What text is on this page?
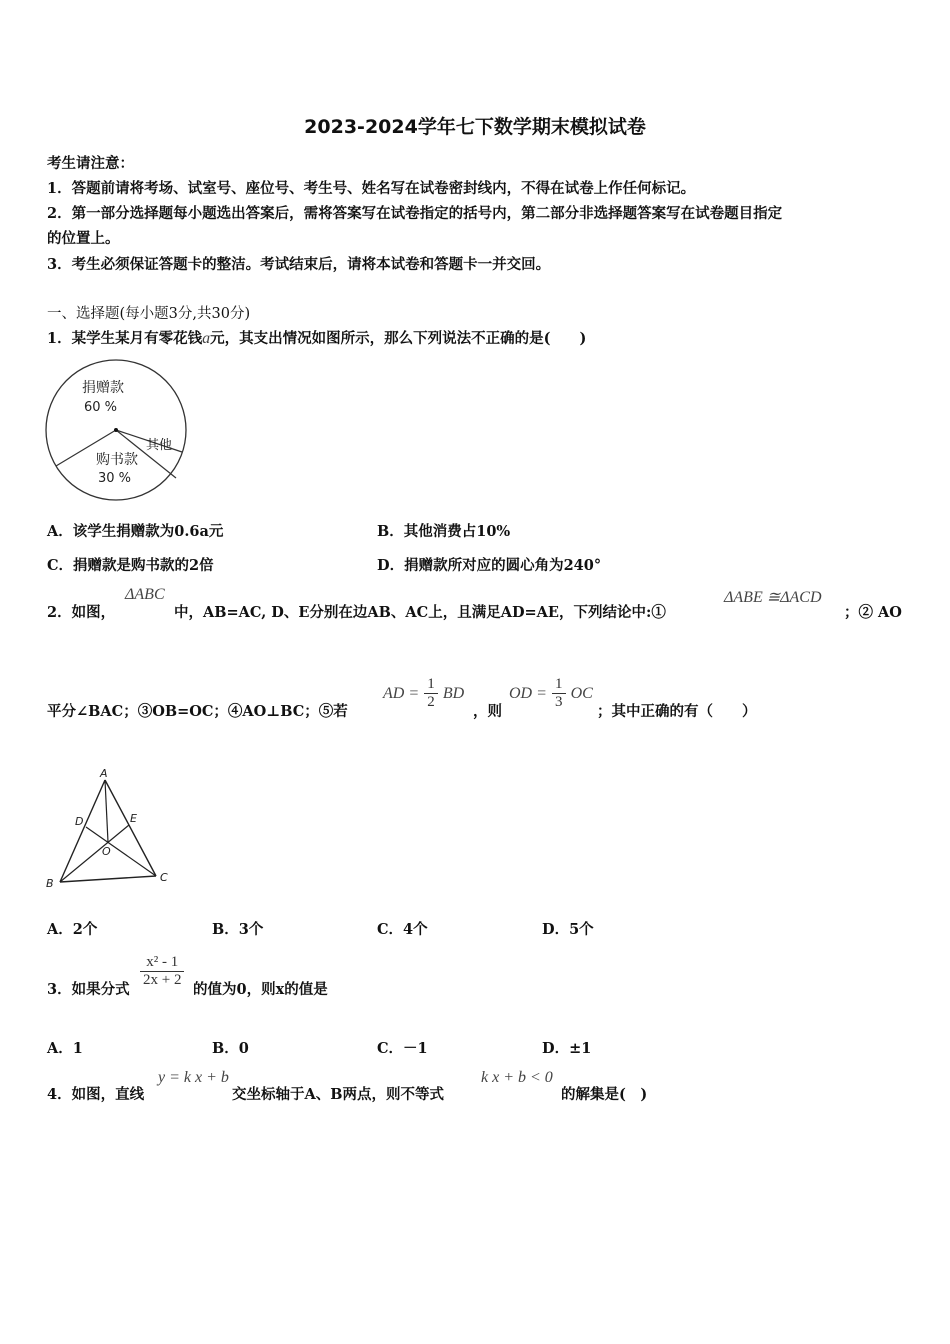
2023-2024学年七下数学期末模拟试卷
考生请注意：
1．答题前请将考场、试室号、座位号、考生号、姓名写在试卷密封线内，不得在试卷上作任何标记。
2．第一部分选择题每小题选出答案后，需将答案写在试卷指定的括号内，第二部分非选择题答案写在试卷题目指定
的位置上。
3．考生必须保证答题卡的整洁。考试结束后，请将本试卷和答题卡一并交回。
一、选择题(每小题3分,共30分)
1．某学生某月有零花钱a元，其支出情况如图所示，那么下列说法不正确的是(　　)
捐赠款
60 %
其他
购书款
30 %
A．该学生捐赠款为0.6a元	B．其他消费占10%
C．捐赠款是购书款的2倍	D．捐赠款所对应的圆心角为240°
2．如图，
ΔABC
中，AB=AC, D、E分别在边AB、AC上，且满足AD=AE，下列结论中:①
ΔABE ≅ΔACD
；② AO
平分∠BAC；③OB=OC；④AO⊥BC；⑤若
AD = $\frac{1}{2}$ BD
，则
OD = $\frac{1}{3}$ OC
；其中正确的有（　　）
A
D	E
O
B	C
A．2个	B．3个	C．4个	D．5个
3．如果分式
$\frac{\text{x² - 1}}{2x + 2}$
的值为0，则x的值是
A．1	B．0	C．－1	D．±1
4．如图，直线
y = k x + b
交坐标轴于A、B两点，则不等式
k x + b < 0
的解集是(　)
